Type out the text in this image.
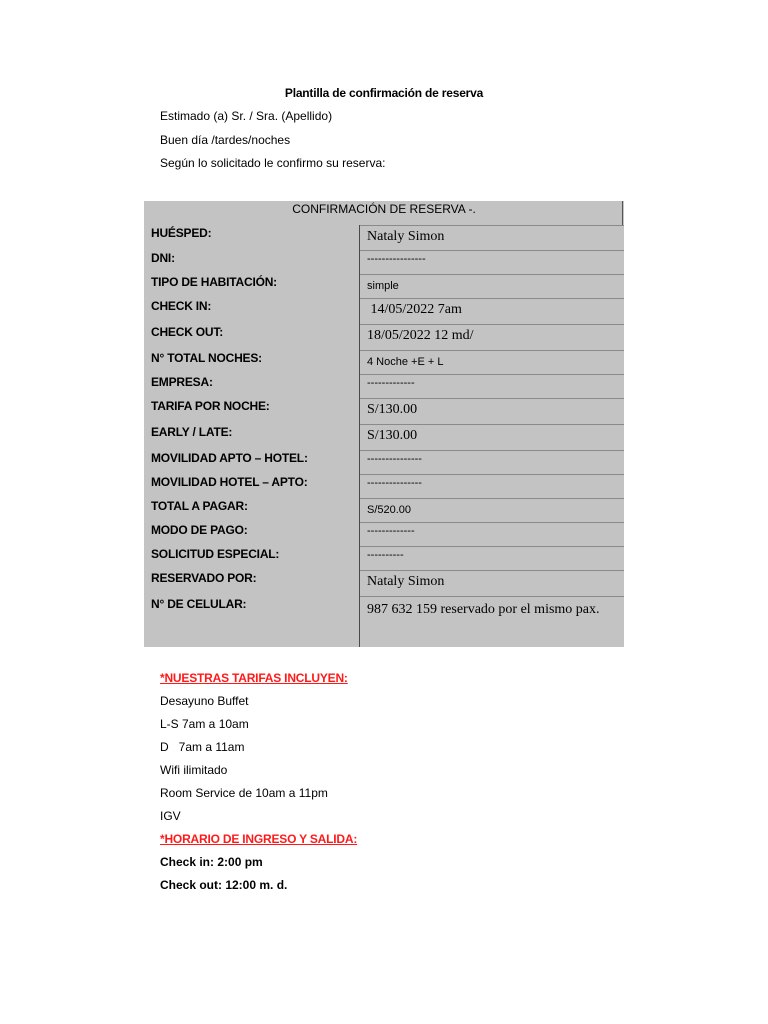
Plantilla de confirmación de reserva
Estimado (a) Sr. / Sra. (Apellido)
Buen día /tardes/noches
Según lo solicitado le confirmo su reserva:
CONFIRMACIÓN DE RESERVA -.
HUÉSPED:	Nataly Simon
DNI:	----------------
TIPO DE HABITACIÓN:	simple
CHECK IN:	14/05/2022 7am
CHECK OUT:	18/05/2022 12 md/
N° TOTAL NOCHES:	4 Noche +E + L
EMPRESA:	-------------
TARIFA POR NOCHE:	S/130.00
EARLY / LATE:	S/130.00
MOVILIDAD APTO – HOTEL:	---------------
MOVILIDAD HOTEL – APTO:	---------------
TOTAL A PAGAR:	S/520.00
MODO DE PAGO:	-------------
SOLICITUD ESPECIAL:	----------
RESERVADO POR:	Nataly Simon
N° DE CELULAR:	987 632 159 reservado por el mismo pax.
*NUESTRAS TARIFAS INCLUYEN:
Desayuno Buffet
L-S 7am a 10am
D   7am a 11am
Wifi ilimitado
Room Service de 10am a 11pm
IGV
*HORARIO DE INGRESO Y SALIDA:
Check in: 2:00 pm
Check out: 12:00 m. d.
